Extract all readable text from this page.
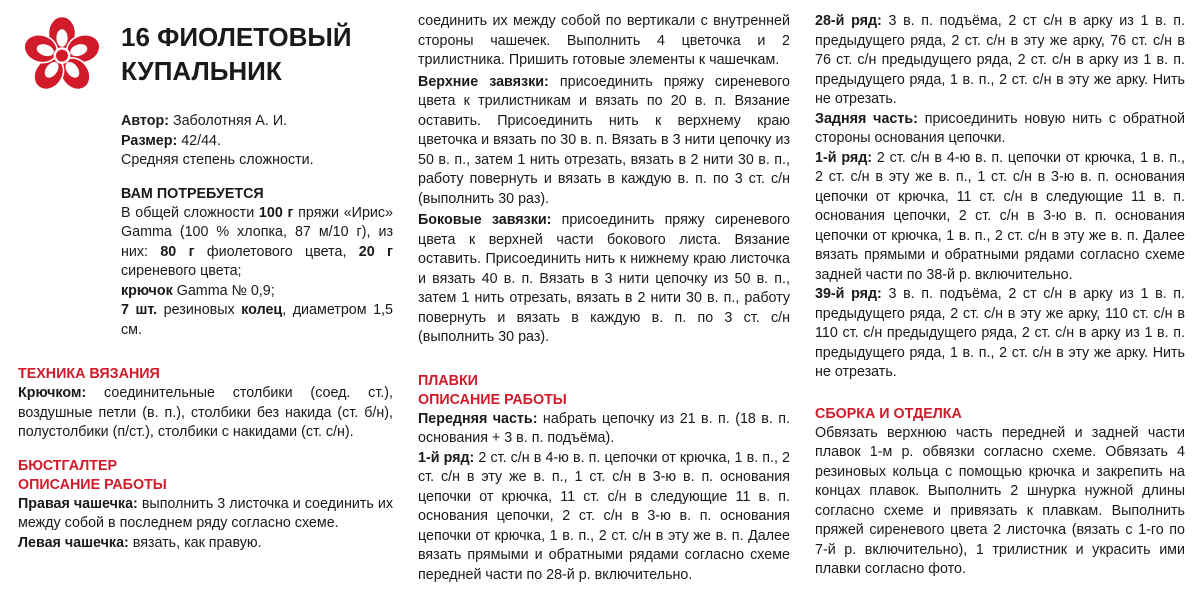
16 ФИОЛЕТОВЫЙ
КУПАЛЬНИК

Автор: Заболотняя А. И.

Размер: 42/44.

Средняя степень сложности.

ВАМ ПОТРЕБУЕТСЯ

В общей сложности 100 г пряжи «Ирис» Gamma (100 % хлопка, 87 м/10 г), из них: 80 г фиолетового цвета, 20 г сиреневого цвета;

крючок Gamma № 0,9;

7 шт. резиновых колец, диаметром 1,5 см.

ТЕХНИКА ВЯЗАНИЯ

Крючком: соединительные столбики (соед. ст.), воздушные петли (в. п.), столбики без накида (ст. б/н), полустолбики (п/ст.), столбики с накидами (ст. с/н).

БЮСТГАЛТЕР

ОПИСАНИЕ РАБОТЫ

Правая чашечка: выполнить 3 листочка и соединить их между собой в последнем ряду согласно схеме.

Левая чашечка: вязать, как правую.

соединить их между собой по вертикали с внутренней стороны чашечек. Выполнить 4 цветочка и 2 трилистника. Пришить готовые элементы к чашечкам.

Верхние завязки: присоединить пряжу сиреневого цвета к трилистникам и вязать по 20 в. п. Вязание оставить. Присоединить нить к верхнему краю цветочка и вязать по 30 в. п. Вязать в 3 нити цепочку из 50 в. п., затем 1 нить отрезать, вязать в 2 нити 30 в. п., работу повернуть и вязать в каждую в. п. по 3 ст. с/н (выполнить 30 раз).

Боковые завязки: присоединить пряжу сиреневого цвета к верхней части бокового листа. Вязание оставить. Присоединить нить к нижнему краю листочка и вязать 40 в. п. Вязать в 3 нити цепочку из 50 в. п., затем 1 нить отрезать, вязать в 2 нити 30 в. п., работу повернуть и вязать в каждую в. п. по 3 ст. с/н (выполнить 30 раз).

ПЛАВКИ

ОПИСАНИЕ РАБОТЫ

Передняя часть: набрать цепочку из 21 в. п. (18 в. п. основания + 3 в. п. подъёма).

1-й ряд: 2 ст. с/н в 4-ю в. п. цепочки от крючка, 1 в. п., 2 ст. с/н в эту же в. п., 1 ст. с/н в 3-ю в. п. основания цепочки от крючка, 11 ст. с/н в следующие 11 в. п. основания цепочки, 2 ст. с/н в 3-ю в. п. основания цепочки от крючка, 1 в. п., 2 ст. с/н в эту же в. п. Далее вязать прямыми и обратными рядами согласно схеме передней части по 28-й р. включительно.

28-й ряд: 3 в. п. подъёма, 2 ст с/н в арку из 1 в. п. предыдущего ряда, 2 ст. с/н в эту же арку, 76 ст. с/н в 76 ст. с/н предыдущего ряда, 2 ст. с/н в арку из 1 в. п. предыдущего ряда, 1 в. п., 2 ст. с/н в эту же арку. Нить не отрезать.

Задняя часть: присоединить новую нить с обратной стороны основания цепочки.

1-й ряд: 2 ст. с/н в 4-ю в. п. цепочки от крючка, 1 в. п., 2 ст. с/н в эту же в. п., 1 ст. с/н в 3-ю в. п. основания цепочки от крючка, 11 ст. с/н в следующие 11 в. п. основания цепочки, 2 ст. с/н в 3-ю в. п. основания цепочки от крючка, 1 в. п., 2 ст. с/н в эту же в. п. Далее вязать прямыми и обратными рядами согласно схеме задней части по 38-й р. включительно.

39-й ряд: 3 в. п. подъёма, 2 ст с/н в арку из 1 в. п. предыдущего ряда, 2 ст. с/н в эту же арку, 110 ст. с/н в 110 ст. с/н предыдущего ряда, 2 ст. с/н в арку из 1 в. п. предыдущего ряда, 1 в. п., 2 ст. с/н в эту же арку. Нить не отрезать.

СБОРКА И ОТДЕЛКА

Обвязать верхнюю часть передней и задней части плавок 1-м р. обвязки согласно схеме. Обвязать 4 резиновых кольца с помощью крючка и закрепить на концах плавок. Выполнить 2 шнурка нужной длины согласно схеме и привязать к плавкам. Выполнить пряжей сиреневого цвета 2 листочка (вязать с 1-го по 7-й р. включительно), 1 трилистник и украсить ими плавки согласно фото.
